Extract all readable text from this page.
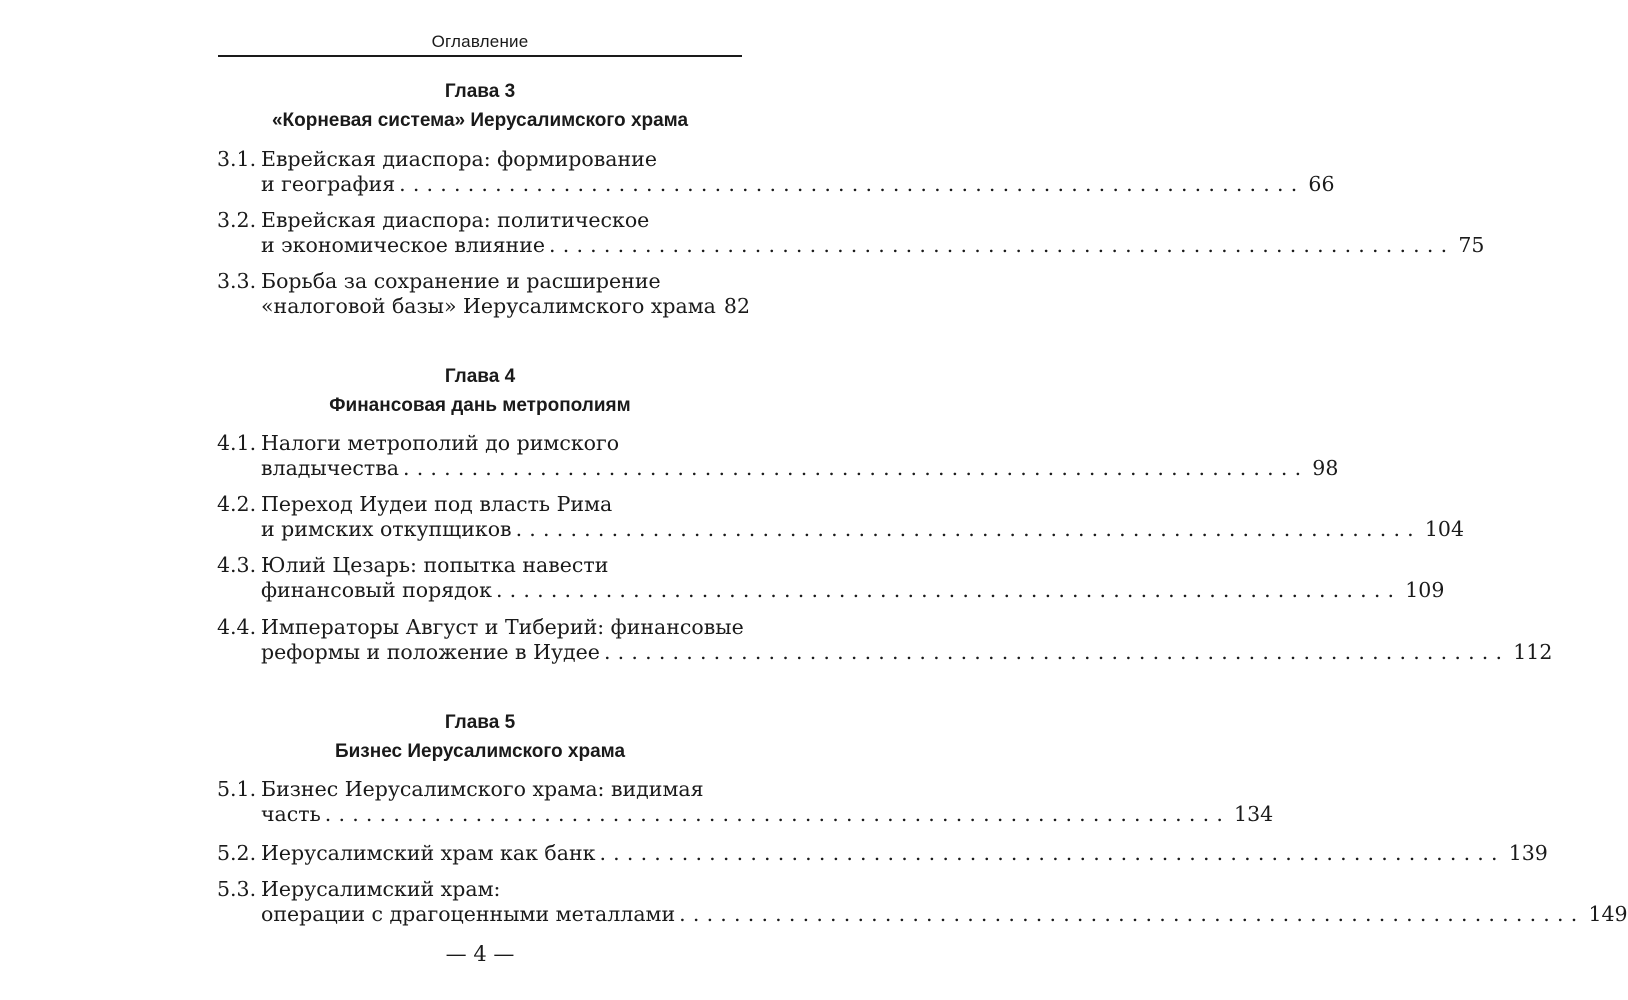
Оглавление
Глава 3
«Корневая система» Иерусалимского храма
3.1. Еврейская диаспора: формирование
и география .................................................................. 66
3.2. Еврейская диаспора: политическое
и экономическое влияние .................................................................. 75
3.3. Борьба за сохранение и расширение
«налоговой базы» Иерусалимского храма 82
Глава 4
Финансовая дань метрополиям
4.1. Налоги метрополий до римского
владычества .................................................................. 98
4.2. Переход Иудеи под власть Рима
и римских откупщиков .................................................................. 104
4.3. Юлий Цезарь: попытка навести
финансовый порядок .................................................................. 109
4.4. Императоры Август и Тиберий: финансовые
реформы и положение в Иудее .................................................................. 112
Глава 5
Бизнес Иерусалимского храма
5.1. Бизнес Иерусалимского храма: видимая
часть .................................................................. 134
5.2. Иерусалимский храм как банк .................................................................. 139
5.3. Иерусалимский храм:
операции с драгоценными металлами .................................................................. 149
— 4 —
